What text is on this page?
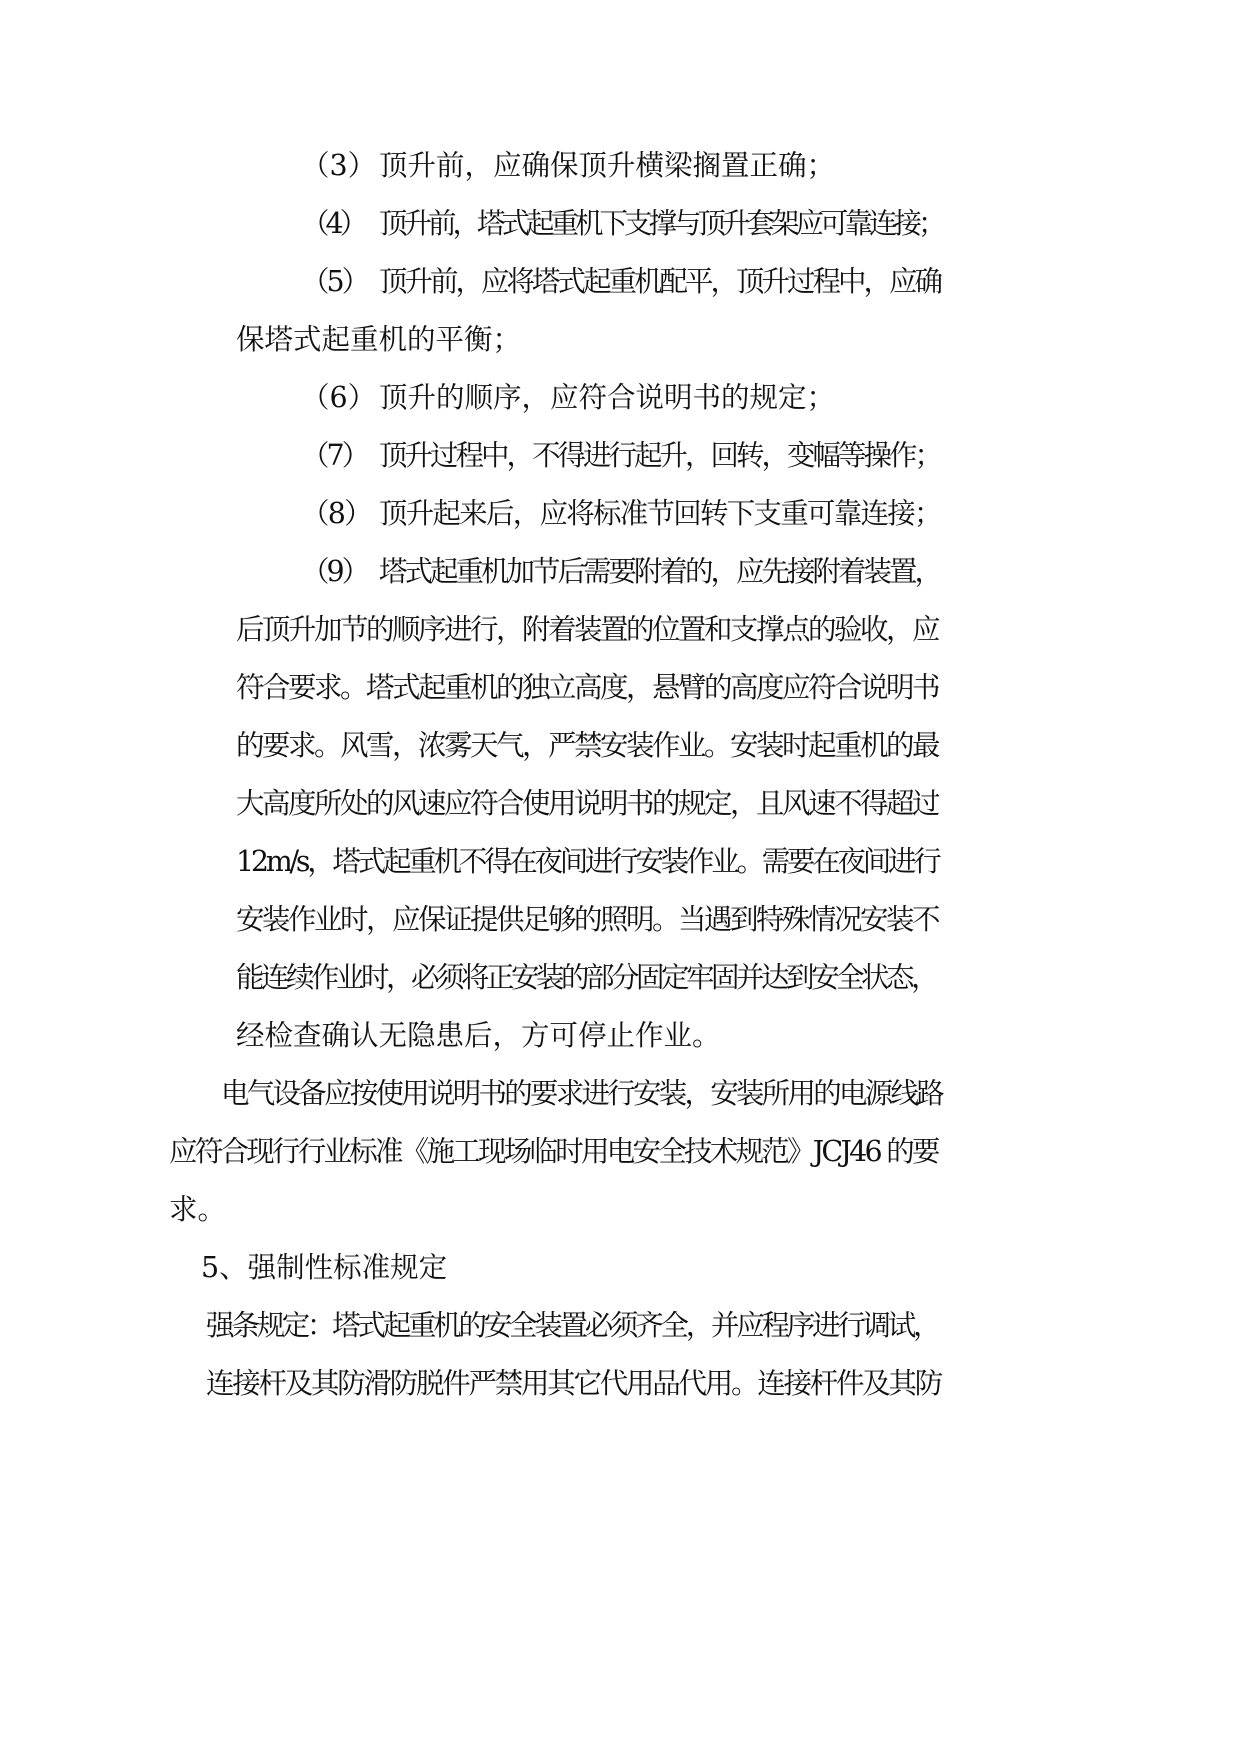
（3） 顶升前，应确保顶升横梁搁置正确；
（4） 顶升前，塔式起重机下支撑与顶升套架应可靠连接；
（5） 顶升前，应将塔式起重机配平，顶升过程中，应确
保塔式起重机的平衡；
（6） 顶升的顺序，应符合说明书的规定；
（7） 顶升过程中，不得进行起升，回转，变幅等操作；
（8） 顶升起来后，应将标准节回转下支重可靠连接；
（9） 塔式起重机加节后需要附着的，应先接附着装置，
后顶升加节的顺序进行，附着装置的位置和支撑点的验收，应
符合要求。塔式起重机的独立高度，悬臂的高度应符合说明书
的要求。风雪，浓雾天气，严禁安装作业。安装时起重机的最
大高度所处的风速应符合使用说明书的规定，且风速不得超过
12m/s，塔式起重机不得在夜间进行安装作业。需要在夜间进行
安装作业时，应保证提供足够的照明。当遇到特殊情况安装不
能连续作业时，必须将正安装的部分固定牢固并达到安全状态，
经检查确认无隐患后，方可停止作业。
电气设备应按使用说明书的要求进行安装，安装所用的电源线路
应符合现行行业标准《施工现场临时用电安全技术规范》JCJ46 的要
求。
5、强制性标准规定
强条规定：塔式起重机的安全装置必须齐全，并应程序进行调试，
连接杆及其防滑防脱件严禁用其它代用品代用。连接杆件及其防
